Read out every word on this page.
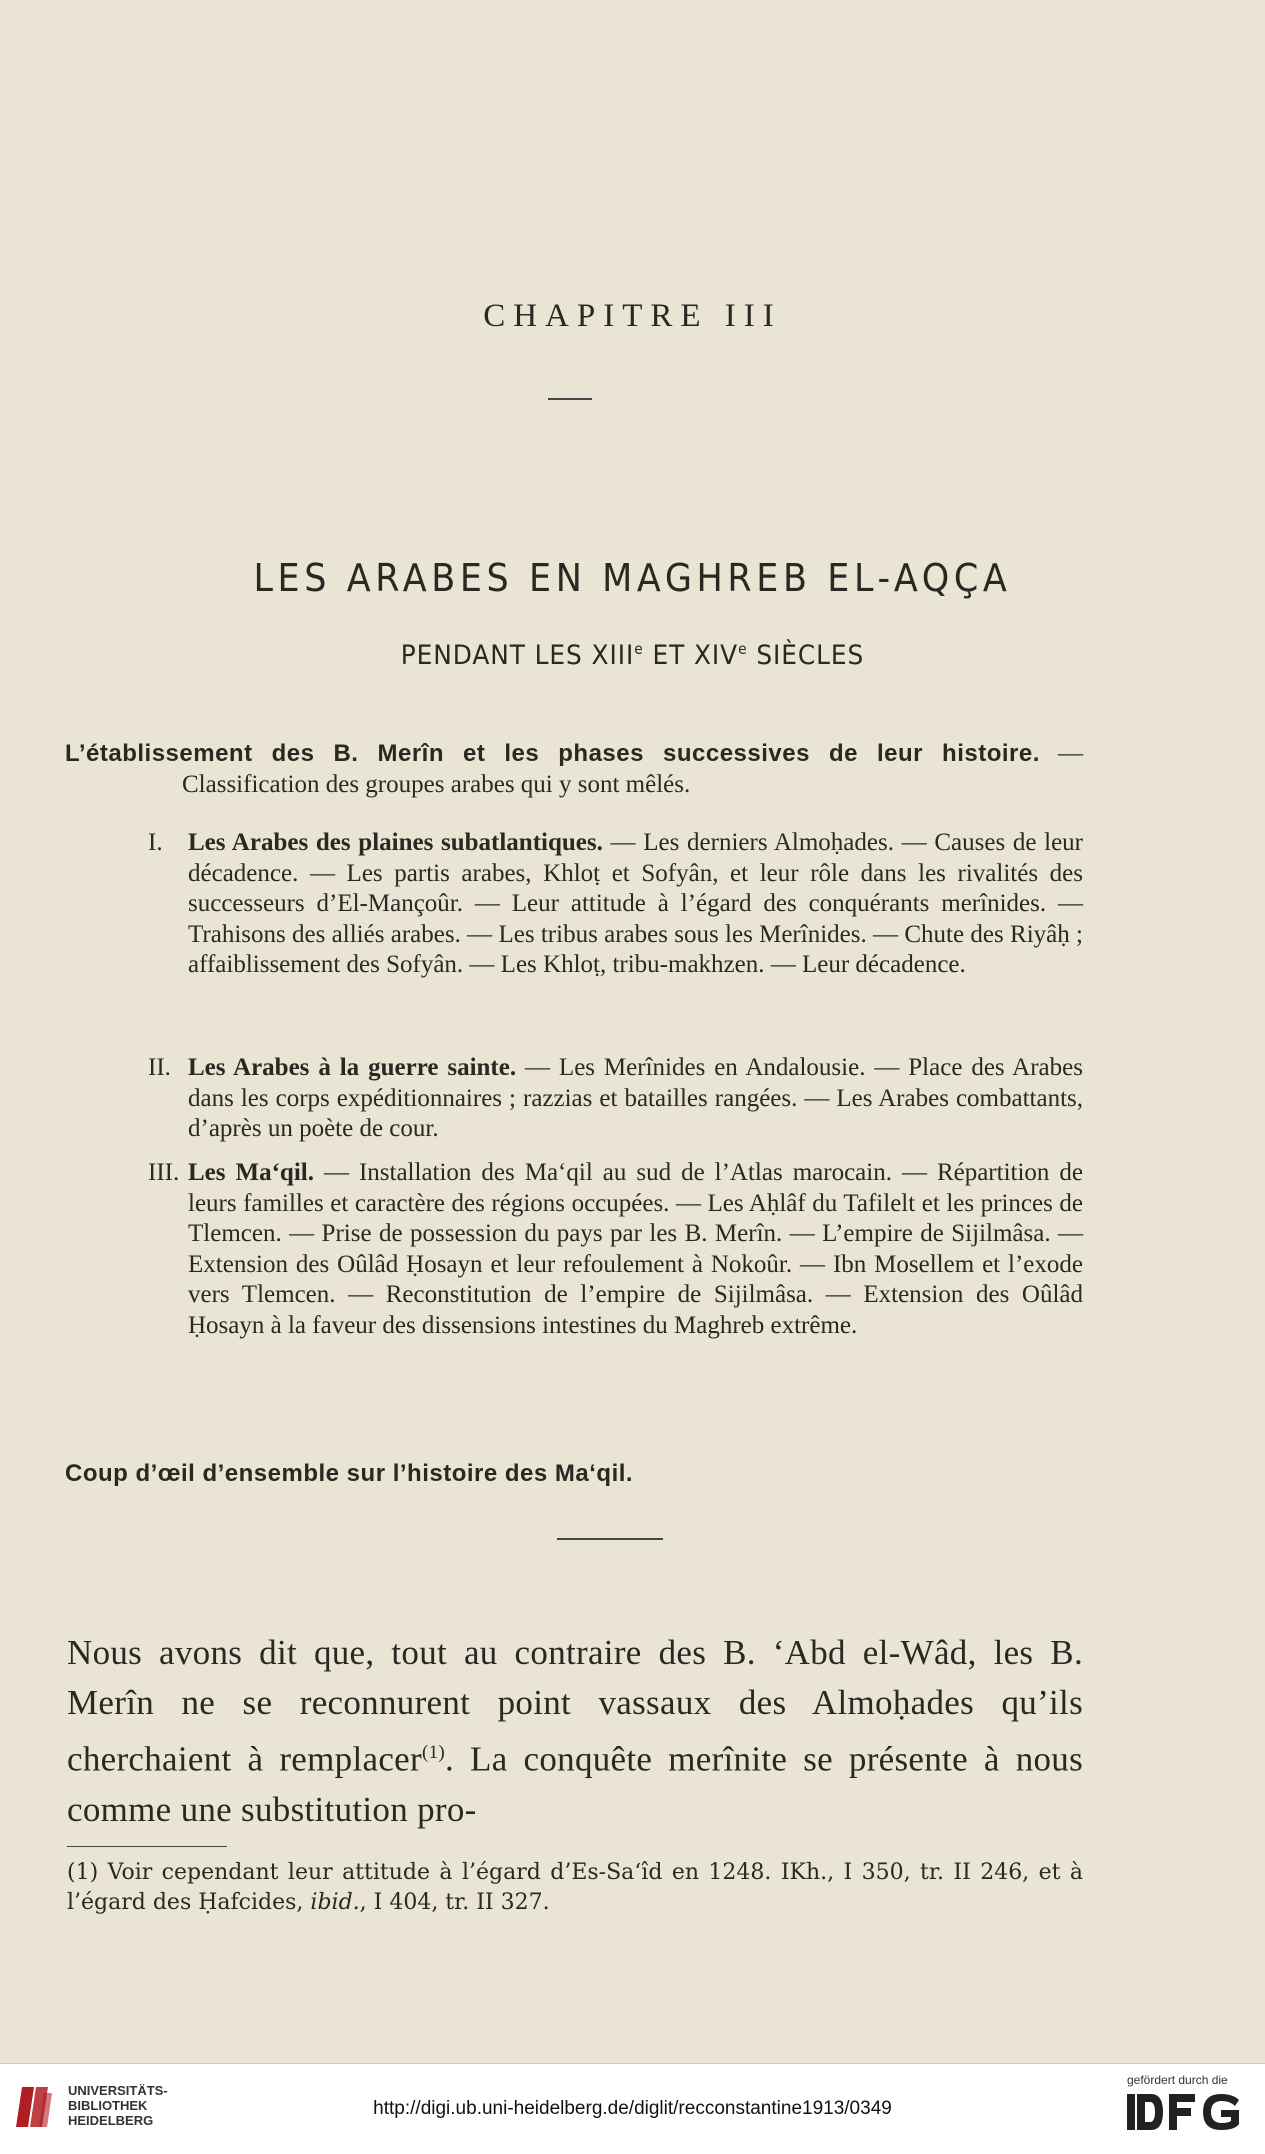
CHAPITRE III
LES ARABES EN MAGHREB EL-AQÇA
PENDANT LES XIIIe ET XIVe SIÈCLES
L’établissement des B. Merîn et les phases successives de leur histoire. — Classification des groupes arabes qui y sont mêlés.
I. Les Arabes des plaines subatlantiques. — Les derniers Almoḥades. — Causes de leur décadence. — Les partis arabes, Khloṭ et Sofyân, et leur rôle dans les rivalités des successeurs d’El-Mançoûr. — Leur attitude à l’égard des conquérants merînides. — Trahisons des alliés arabes. — Les tribus arabes sous les Merînides. — Chute des Riyâḥ ; affaiblissement des Sofyân. — Les Khloṭ, tribu-makhzen. — Leur décadence.
II. Les Arabes à la guerre sainte. — Les Merînides en Andalousie. — Place des Arabes dans les corps expéditionnaires ; razzias et batailles rangées. — Les Arabes combattants, d’après un poète de cour.
III. Les Ma‘qil. — Installation des Ma‘qil au sud de l’Atlas marocain. — Répartition de leurs familles et caractère des régions occupées. — Les Aḥlâf du Tafilelt et les princes de Tlemcen. — Prise de possession du pays par les B. Merîn. — L’empire de Sijilmâsa. — Extension des Oûlâd Ḥosayn et leur refoulement à Nokoûr. — Ibn Mosellem et l’exode vers Tlemcen. — Reconstitution de l’empire de Sijilmâsa. — Extension des Oûlâd Ḥosayn à la faveur des dissensions intestines du Maghreb extrême.
Coup d’œil d’ensemble sur l’histoire des Ma‘qil.
Nous avons dit que, tout au contraire des B. ‘Abd el-Wâd, les B. Merîn ne se reconnurent point vassaux des Almoḥades qu’ils cherchaient à remplacer$^{(1)}$. La conquête merînite se présente à nous comme une substitution pro-
(1) Voir cependant leur attitude à l’égard d’Es-Sa‘îd en 1248. IKh., I 350, tr. II 246, et à l’égard des Ḥafcides, ibid., I 404, tr. II 327.
UNIVERSITÄTS-
BIBLIOTHEK
HEIDELBERG
http://digi.ub.uni-heidelberg.de/diglit/recconstantine1913/0349
gefördert durch die
